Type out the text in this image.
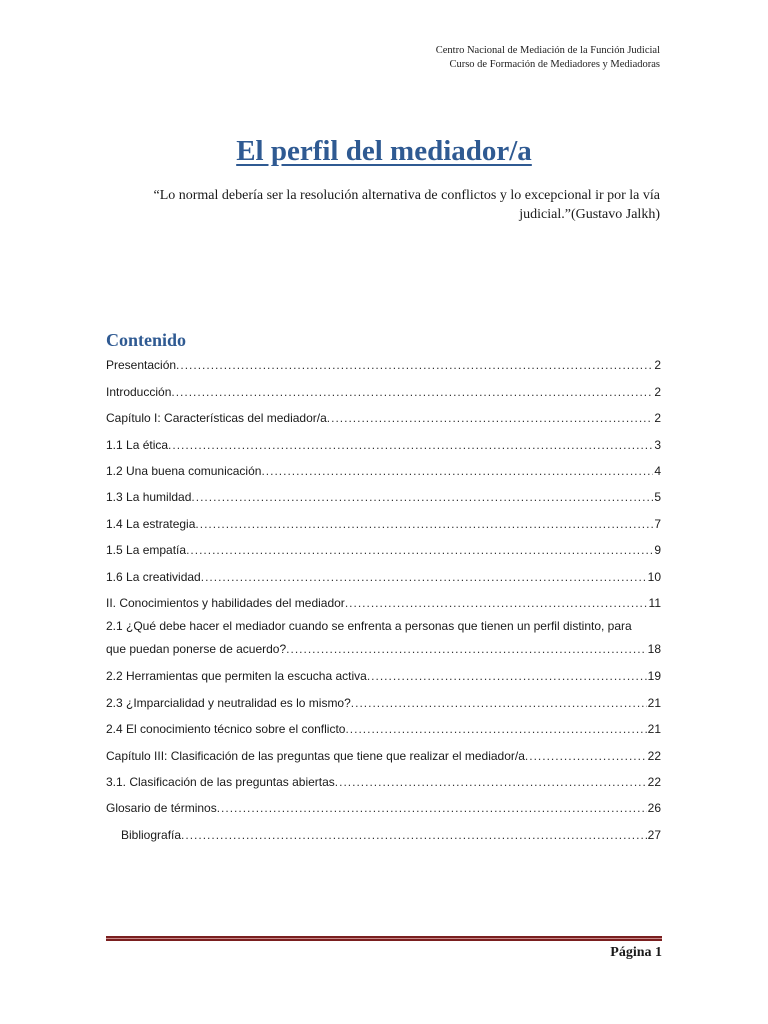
Centro Nacional de Mediación de la Función Judicial
Curso de Formación de Mediadores y Mediadoras
El perfil del mediador/a
“Lo normal debería ser la resolución alternativa de conflictos y lo excepcional ir por la vía judicial.”(Gustavo Jalkh)
Contenido
Presentación .....	2
Introducción .....	2
Capítulo I: Características del mediador/a .....	2
1.1 La ética .....	3
1.2 Una buena comunicación .....	4
1.3 La humildad .....	5
1.4 La estrategia .....	7
1.5 La empatía .....	9
1.6 La creatividad .....	10
II. Conocimientos y habilidades del mediador .....	11
2.1 ¿Qué debe hacer el mediador cuando se enfrenta a personas que tienen un perfil distinto, para
que puedan ponerse de acuerdo? .....	18
2.2 Herramientas que permiten la escucha activa .....	19
2.3 ¿Imparcialidad y neutralidad es lo mismo? .....	21
2.4 El conocimiento técnico sobre el conflicto .....	21
Capítulo III: Clasificación de las preguntas que tiene que realizar el mediador/a .....	22
3.1. Clasificación de las preguntas abiertas .....	22
Glosario de términos .....	26
Bibliografía .....	27
Página 1
